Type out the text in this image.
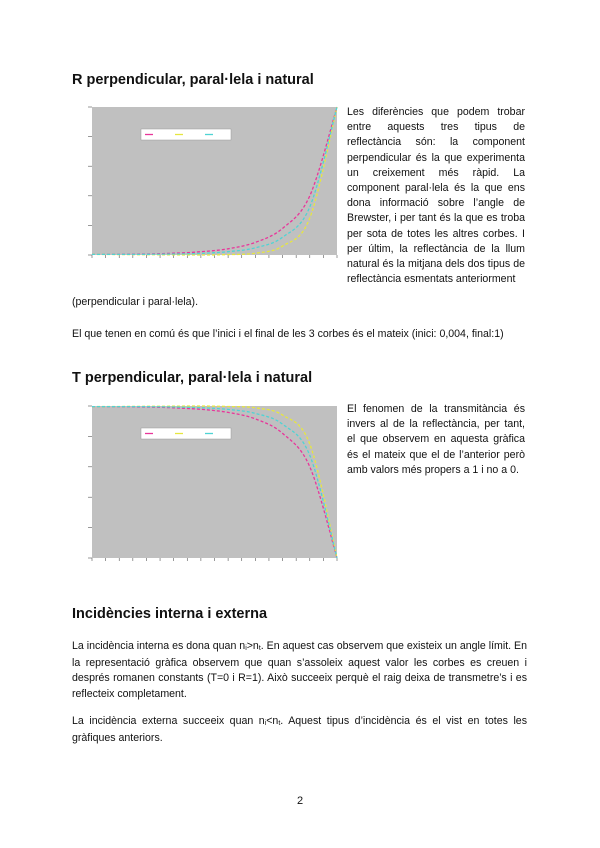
R perpendicular, paral·lela i natural

Les diferències que podem trobar entre aquests tres tipus de reflectància són: la component perpendicular és la que experimenta un creixement més ràpid. La component paral·lela és la que ens dona informació sobre l’angle de Brewster, i per tant és la que es troba per sota de totes les altres corbes. I per últim, la reflectància de la llum natural és la mitjana dels dos tipus de reflectància esmentats anteriorment

(perpendicular i paral·lela).

El que tenen en comú és que l’inici i el final de les 3 corbes és el mateix (inici: 0,004, final:1)

T perpendicular, paral·lela i natural

El fenomen de la transmitància és invers al de la reflectància, per tant, el que observem en aquesta gràfica és el mateix que el de l’anterior però amb valors més propers a 1 i no a 0.

Incidències interna i externa

La incidència interna es dona quan $n_i>n_t$. En aquest cas observem que existeix un angle límit. En la representació gràfica observem que quan s’assoleix aquest valor les corbes es creuen i després romanen constants (T=0 i R=1). Això succeeix perquè el raig deixa de transmetre’s i es reflecteix completament.

La incidència externa succeeix quan $n_i<n_t$. Aquest tipus d’incidència és el vist en totes les gràfiques anteriors.

2
